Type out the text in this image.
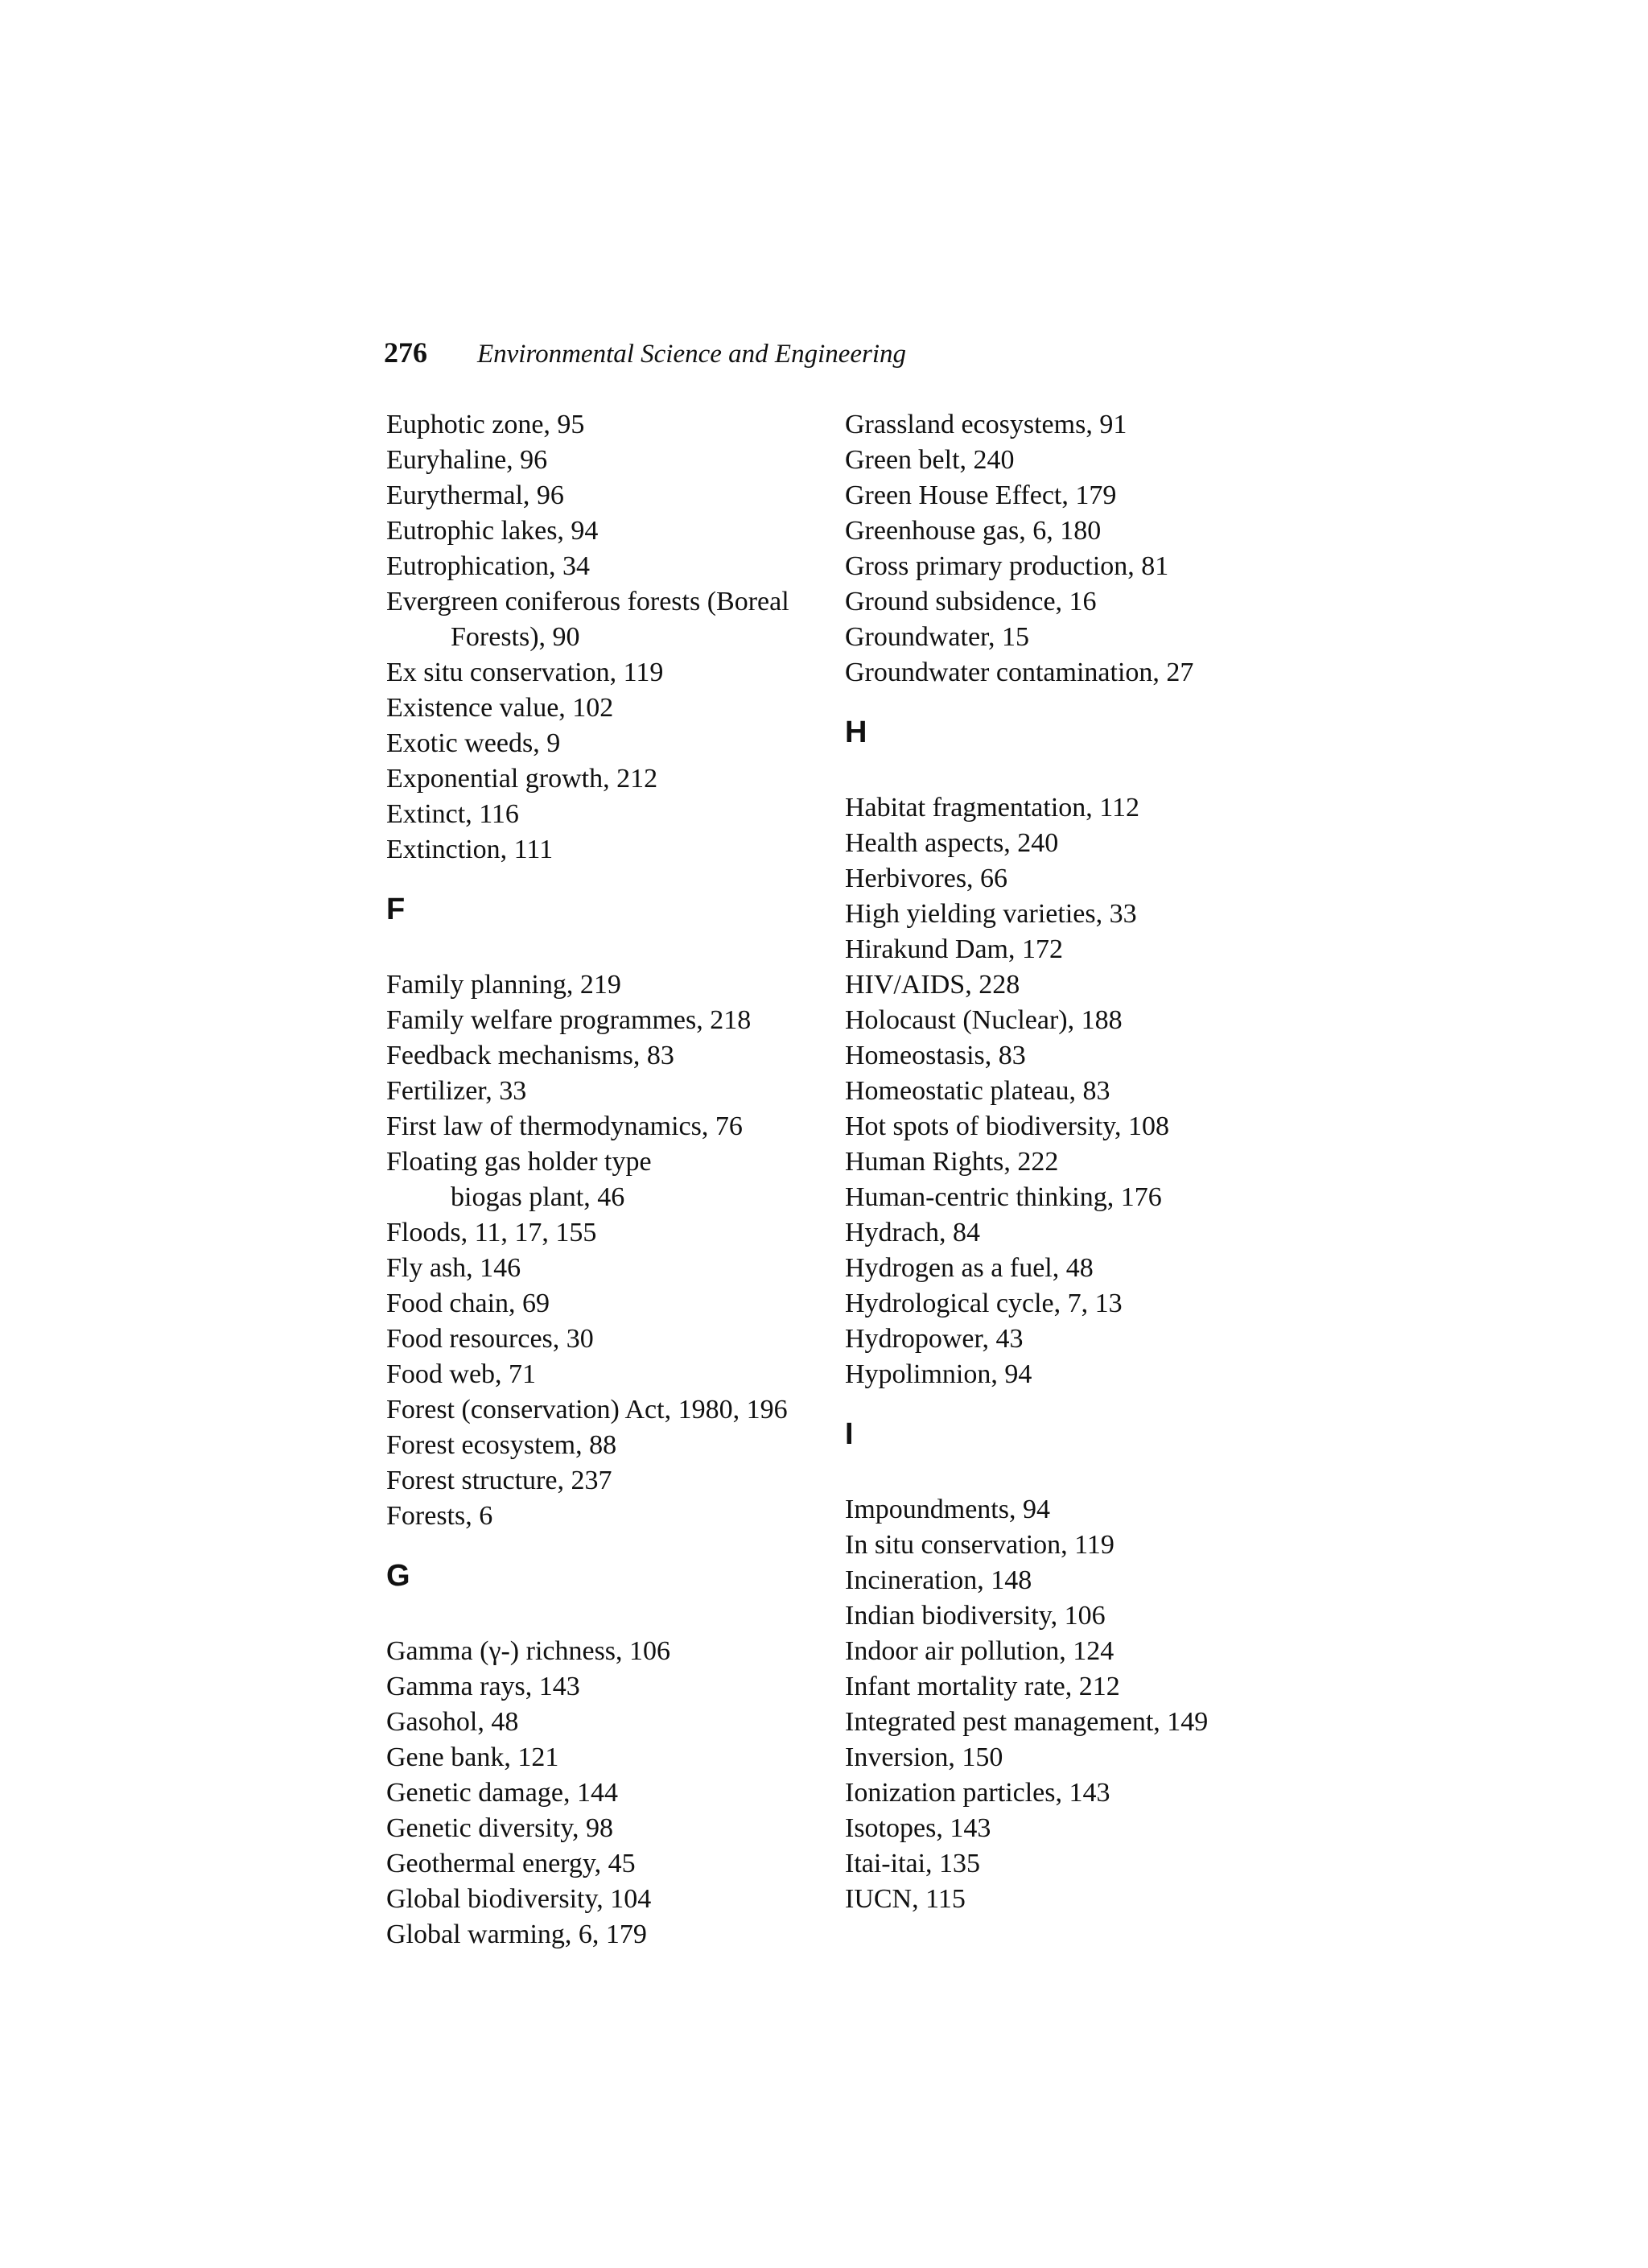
276 Environmental Science and Engineering
Euphotic zone, 95
Euryhaline, 96
Eurythermal, 96
Eutrophic lakes, 94
Eutrophication, 34
Evergreen coniferous forests (Boreal
Forests), 90
Ex situ conservation, 119
Existence value, 102
Exotic weeds, 9
Exponential growth, 212
Extinct, 116
Extinction, 111
F
Family planning, 219
Family welfare programmes, 218
Feedback mechanisms, 83
Fertilizer, 33
First law of thermodynamics, 76
Floating gas holder type
biogas plant, 46
Floods, 11, 17, 155
Fly ash, 146
Food chain, 69
Food resources, 30
Food web, 71
Forest (conservation) Act, 1980, 196
Forest ecosystem, 88
Forest structure, 237
Forests, 6
G
Gamma (γ-) richness, 106
Gamma rays, 143
Gasohol, 48
Gene bank, 121
Genetic damage, 144
Genetic diversity, 98
Geothermal energy, 45
Global biodiversity, 104
Global warming, 6, 179
Grassland ecosystems, 91
Green belt, 240
Green House Effect, 179
Greenhouse gas, 6, 180
Gross primary production, 81
Ground subsidence, 16
Groundwater, 15
Groundwater contamination, 27
H
Habitat fragmentation, 112
Health aspects, 240
Herbivores, 66
High yielding varieties, 33
Hirakund Dam, 172
HIV/AIDS, 228
Holocaust (Nuclear), 188
Homeostasis, 83
Homeostatic plateau, 83
Hot spots of biodiversity, 108
Human Rights, 222
Human-centric thinking, 176
Hydrach, 84
Hydrogen as a fuel, 48
Hydrological cycle, 7, 13
Hydropower, 43
Hypolimnion, 94
I
Impoundments, 94
In situ conservation, 119
Incineration, 148
Indian biodiversity, 106
Indoor air pollution, 124
Infant mortality rate, 212
Integrated pest management, 149
Inversion, 150
Ionization particles, 143
Isotopes, 143
Itai-itai, 135
IUCN, 115
